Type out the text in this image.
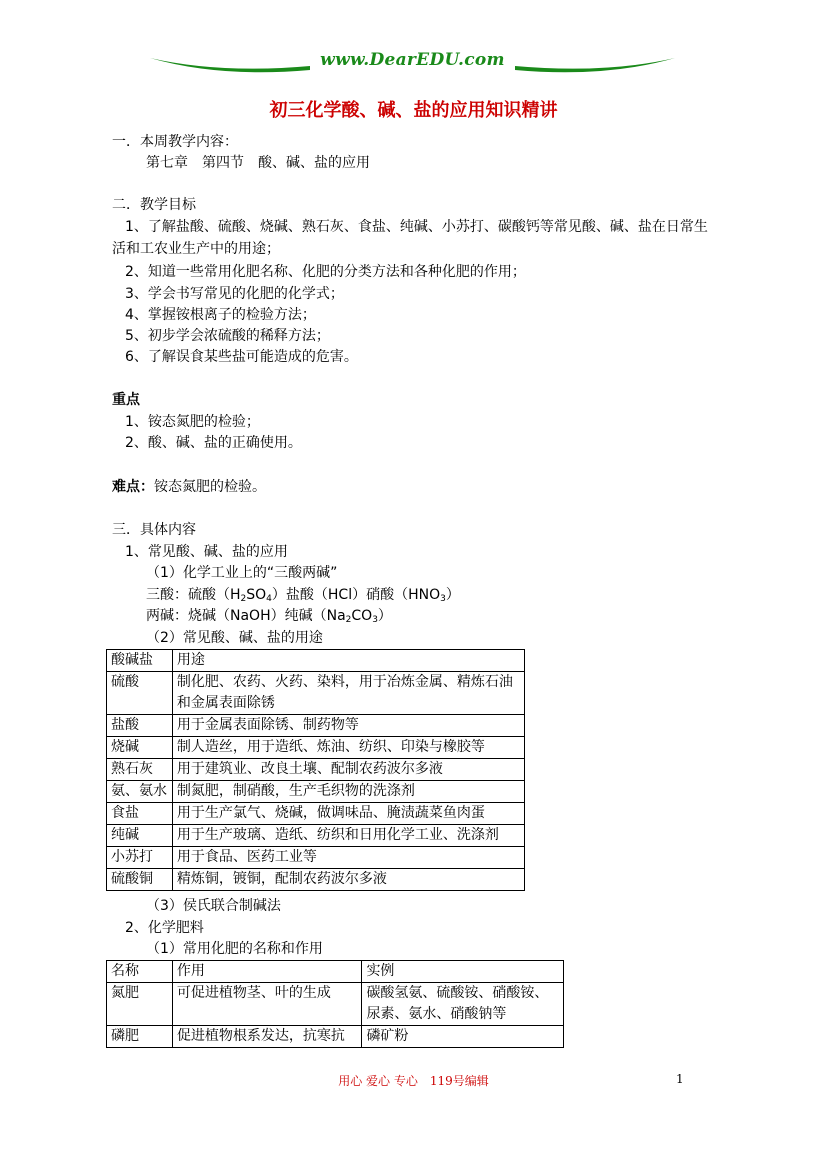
www.DearEDU.com
初三化学酸、碱、盐的应用知识精讲
一．本周教学内容：
第七章　第四节　酸、碱、盐的应用
二．教学目标
1、了解盐酸、硫酸、烧碱、熟石灰、食盐、纯碱、小苏打、碳酸钙等常见酸、碱、盐在日常生活和工农业生产中的用途；
2、知道一些常用化肥名称、化肥的分类方法和各种化肥的作用；
3、学会书写常见的化肥的化学式；
4、掌握铵根离子的检验方法；
5、初步学会浓硫酸的稀释方法；
6、了解误食某些盐可能造成的危害。
重点
1、铵态氮肥的检验；
2、酸、碱、盐的正确使用。
难点：铵态氮肥的检验。
三．具体内容
1、常见酸、碱、盐的应用
（1）化学工业上的“三酸两碱”
三酸：硫酸$(H_2SO_4)$盐酸（HCl）硝酸$(HNO_3)$
两碱：烧碱（NaOH）纯碱$(Na_2CO_3)$
（2）常见酸、碱、盐的用途
酸碱盐	用途
硫酸	制化肥、农药、火药、染料，用于冶炼金属、精炼石油和金属表面除锈
盐酸	用于金属表面除锈、制药物等
烧碱	制人造丝，用于造纸、炼油、纺织、印染与橡胶等
熟石灰	用于建筑业、改良土壤、配制农药波尔多液
氨、氨水	制氮肥，制硝酸，生产毛织物的洗涤剂
食盐	用于生产氯气、烧碱，做调味品、腌渍蔬菜鱼肉蛋
纯碱	用于生产玻璃、造纸、纺织和日用化学工业、洗涤剂
小苏打	用于食品、医药工业等
硫酸铜	精炼铜，镀铜，配制农药波尔多液
（3）侯氏联合制碱法
2、化学肥料
（1）常用化肥的名称和作用
名称	作用	实例
氮肥	可促进植物茎、叶的生成	碳酸氢氨、硫酸铵、硝酸铵、尿素、氨水、硝酸钠等
磷肥	促进植物根系发达，抗寒抗	磷矿粉
用心 爱心 专心　119号编辑	1
